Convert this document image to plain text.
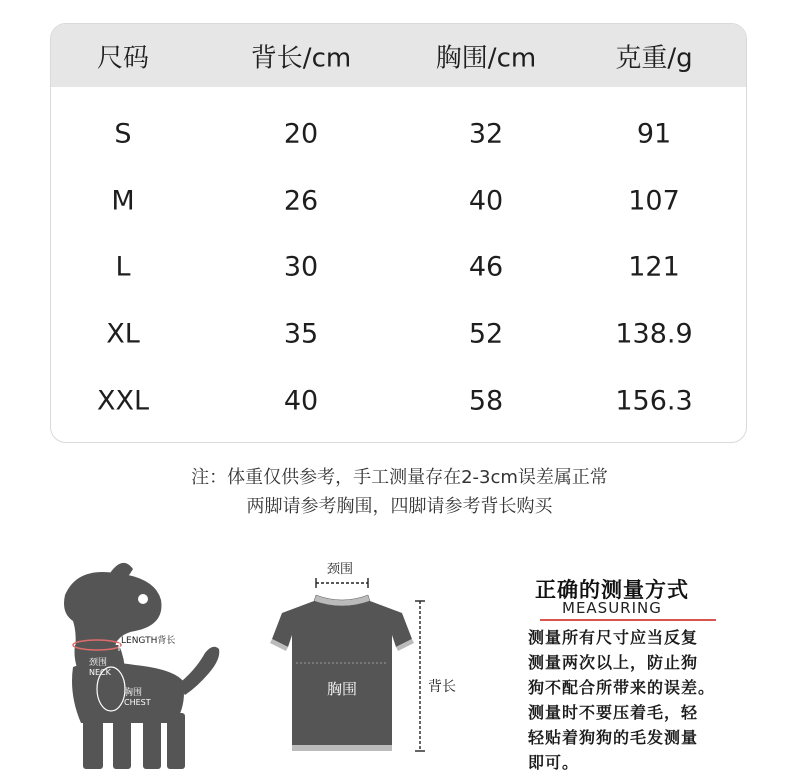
尺码	背长/cm	胸围/cm	克重/g
S	20	32	91
M	26	40	107
L	30	46	121
XL	35	52	138.9
XXL	40	58	156.3
注：体重仅供参考，手工测量存在2-3cm误差属正常
两脚请参考胸围，四脚请参考背长购买
LENGTH背长
颈围
NECK
胸围
CHEST
颈围
胸围	背长
正确的测量方式
MEASURING
测量所有尺寸应当反复
测量两次以上，防止狗
狗不配合所带来的误差。
测量时不要压着毛，轻
轻贴着狗狗的毛发测量
即可。
